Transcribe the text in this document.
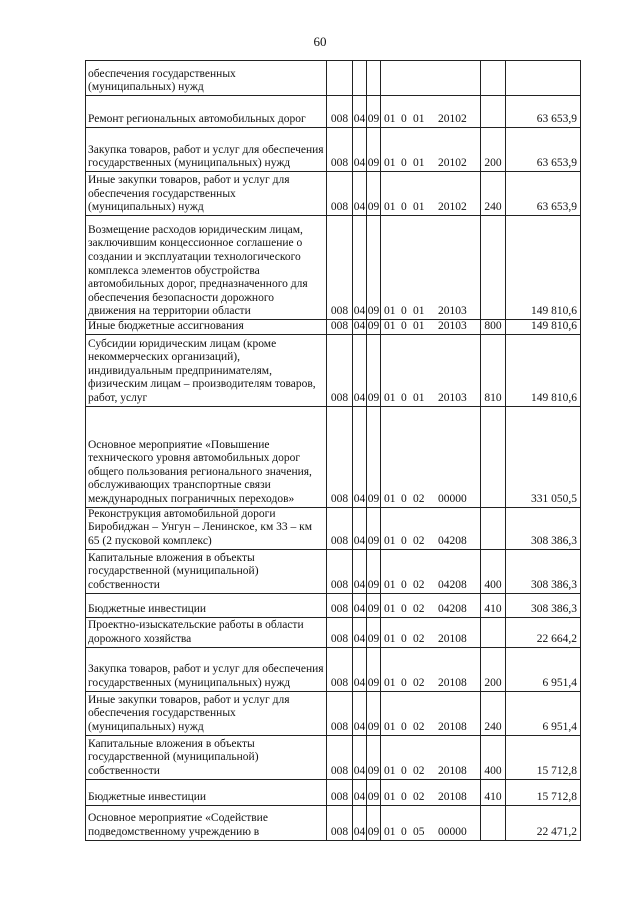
60
обеспечения государственных (муниципальных) нужд						
Ремонт региональных автомобильных дорог	008	04	09	01 0 01 20102		63 653,9
Закупка товаров, работ и услуг для обеспечения государственных (муниципальных) нужд	008	04	09	01 0 01 20102	200	63 653,9
Иные закупки товаров, работ и услуг для обеспечения государственных (муниципальных) нужд	008	04	09	01 0 01 20102	240	63 653,9
Возмещение расходов юридическим лицам, заключившим концессионное соглашение о создании и эксплуатации технологического комплекса элементов обустройства автомобильных дорог, предназначенного для обеспечения безопасности дорожного движения на территории области	008	04	09	01 0 01 20103		149 810,6
Иные бюджетные ассигнования	008	04	09	01 0 01 20103	800	149 810,6
Субсидии юридическим лицам (кроме некоммерческих организаций), индивидуальным предпринимателям, физическим лицам – производителям товаров, работ, услуг	008	04	09	01 0 01 20103	810	149 810,6
Основное мероприятие «Повышение технического уровня автомобильных дорог общего пользования регионального значения, обслуживающих транспортные связи международных пограничных переходов»	008	04	09	01 0 02 00000		331 050,5
Реконструкция автомобильной дороги Биробиджан – Унгун – Ленинское, км 33 – км 65 (2 пусковой комплекс)	008	04	09	01 0 02 04208		308 386,3
Капитальные вложения в объекты государственной (муниципальной) собственности	008	04	09	01 0 02 04208	400	308 386,3
Бюджетные инвестиции	008	04	09	01 0 02 04208	410	308 386,3
Проектно-изыскательские работы в области дорожного хозяйства	008	04	09	01 0 02 20108		22 664,2
Закупка товаров, работ и услуг для обеспечения государственных (муниципальных) нужд	008	04	09	01 0 02 20108	200	6 951,4
Иные закупки товаров, работ и услуг для обеспечения государственных (муниципальных) нужд	008	04	09	01 0 02 20108	240	6 951,4
Капитальные вложения в объекты государственной (муниципальной) собственности	008	04	09	01 0 02 20108	400	15 712,8
Бюджетные инвестиции	008	04	09	01 0 02 20108	410	15 712,8
Основное мероприятие «Содействие подведомственному учреждению в	008	04	09	01 0 05 00000		22 471,2
